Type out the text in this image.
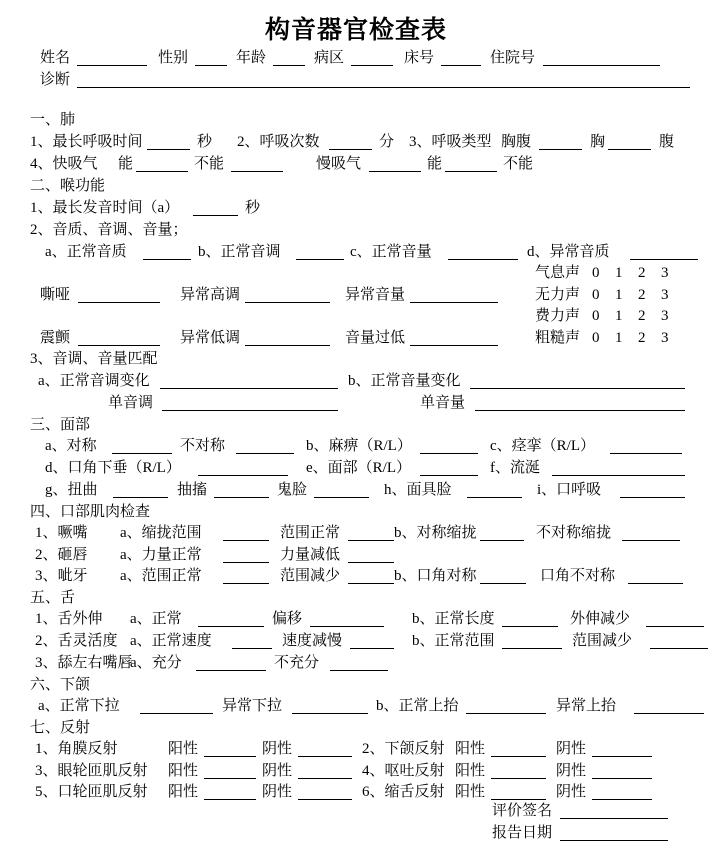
构音器官检查表
姓名	性别	年龄	病区	床号	住院号
诊断
一、肺
1、最长呼吸时间	秒 2、呼吸次数	分 3、呼吸类型 胸腹	胸	腹
4、快吸气 能	不能	慢吸气	能	不能
二、喉功能
1、最长发音时间（a）	秒
2、音质、音调、音量；
a、正常音质	b、正常音调	c、正常音量	d、异常音质
气息声 0 1 2 3
嘶哑	异常高调	异常音量	无力声 0 1 2 3
费力声 0 1 2 3
震颤	异常低调	音量过低	粗糙声 0 1 2 3
3、音调、音量匹配
a、正常音调变化	b、正常音量变化
单音调	单音量
三、面部
a、对称	不对称	b、麻痹（R/L）	c、痉挛（R/L）
d、口角下垂（R/L）	e、面部（R/L）	f、流涎
g、扭曲	抽搐	鬼脸	h、面具脸	i、口呼吸
四、口部肌肉检查
1、噘嘴 a、缩拢范围	范围正常	b、对称缩拢	不对称缩拢
2、砸唇 a、力量正常	力量减低
3、呲牙 a、范围正常	范围减少	b、口角对称	口角不对称
五、舌
1、舌外伸 a、正常	偏移	b、正常长度	外伸减少
2、舌灵活度 a、正常速度	速度减慢	b、正常范围	范围减少
3、舔左右嘴唇
a、充分	不充分
六、下颌
a、正常下拉	异常下拉	b、正常上抬	异常上抬
七、反射
1、角膜反射	阳性	阴性	2、下颌反射 阳性	阴性
3、眼轮匝肌反射 阳性	阴性	4、呕吐反射 阳性	阴性
5、口轮匝肌反射 阳性	阴性	6、缩舌反射 阳性	阴性
评价签名
报告日期
